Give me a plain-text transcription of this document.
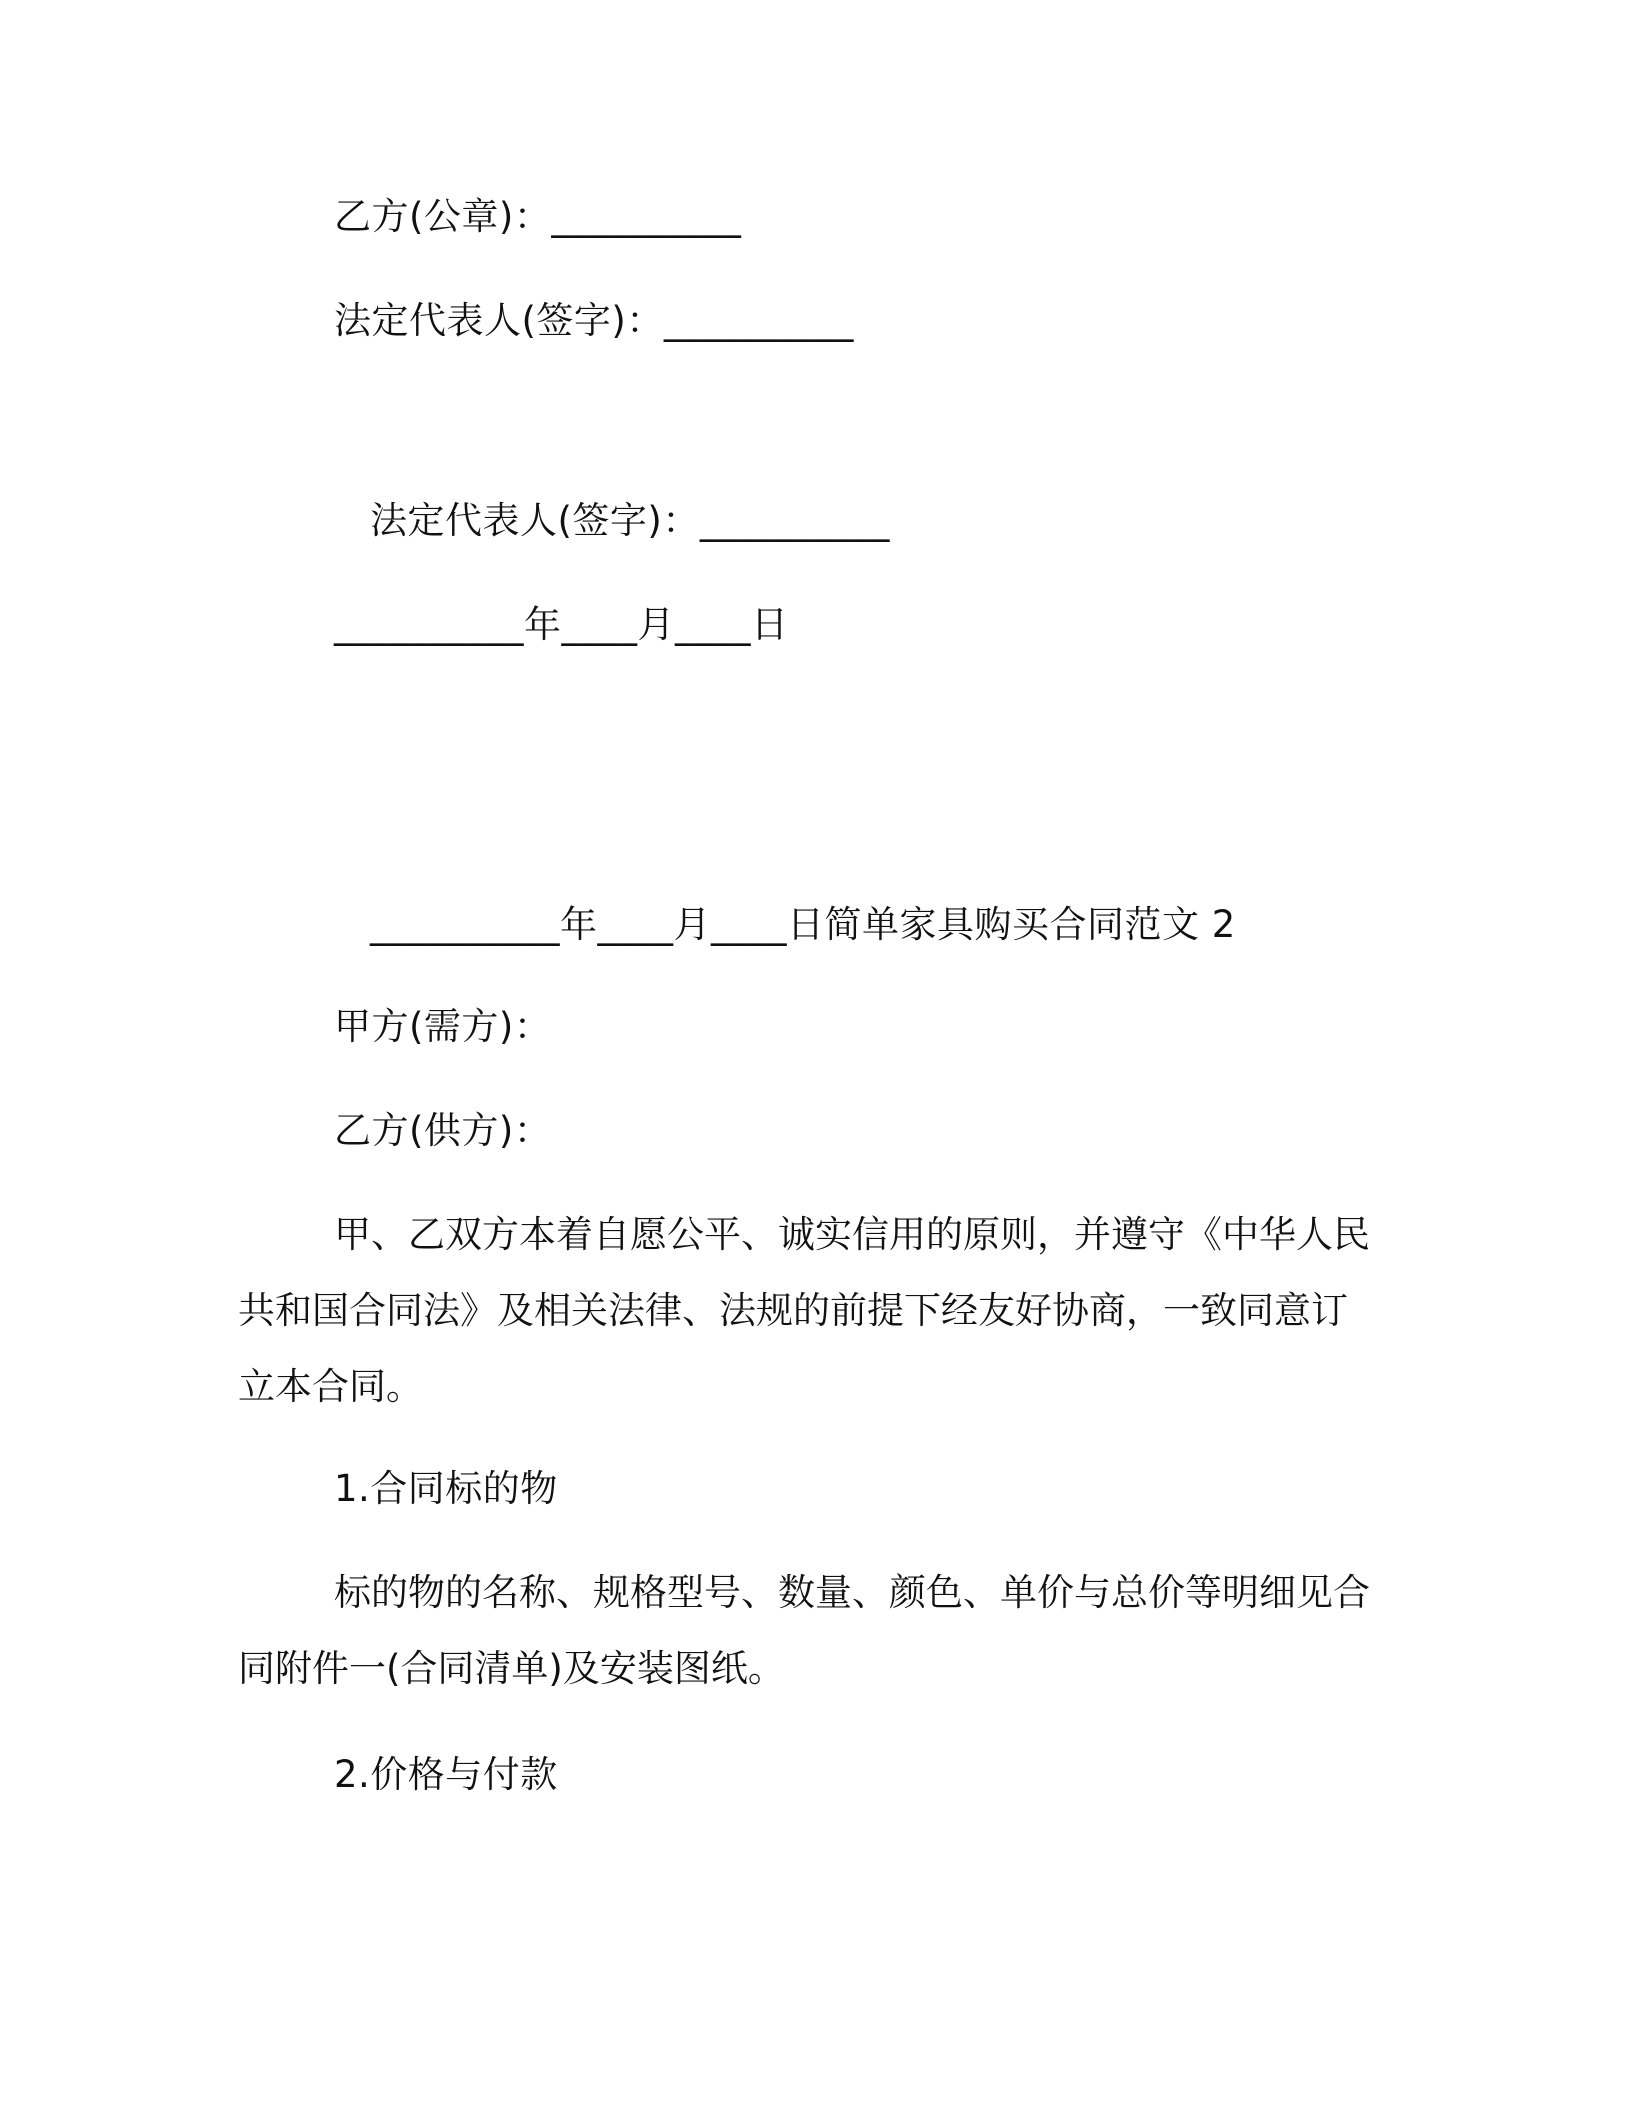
乙方(公章)：__________
法定代表人(签字)：__________
法定代表人(签字)：__________
__________年____月____日
__________年____月____日简单家具购买合同范文 2
甲方(需方)：
乙方(供方)：
甲、乙双方本着自愿公平、诚实信用的原则，并遵守《中华人民
共和国合同法》及相关法律、法规的前提下经友好协商，一致同意订
立本合同。
1.合同标的物
标的物的名称、规格型号、数量、颜色、单价与总价等明细见合
同附件一(合同清单)及安装图纸。
2.价格与付款
